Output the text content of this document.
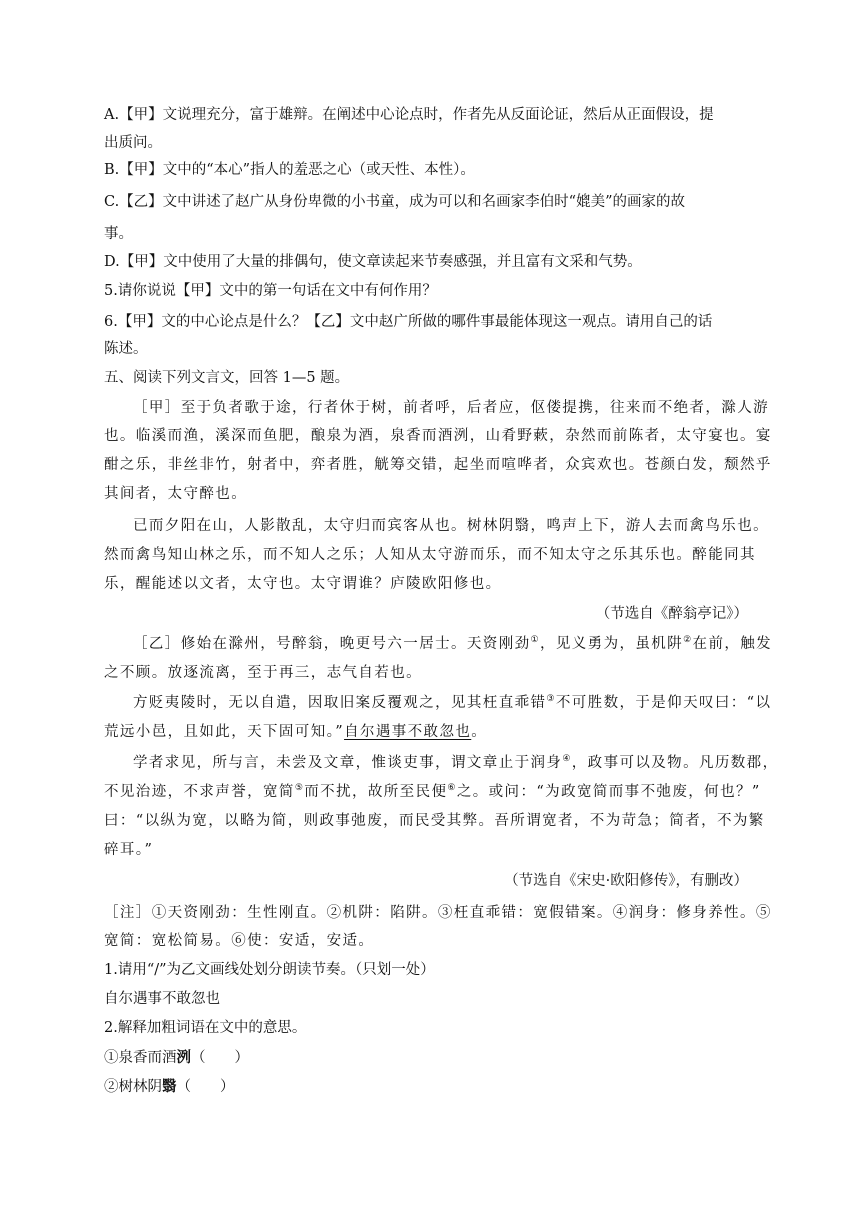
A.【甲】文说理充分，富于雄辩。在阐述中心论点时，作者先从反面论证，然后从正面假设，提
出质问。
B.【甲】文中的“本心”指人的羞恶之心（或天性、本性）。
C.【乙】文中讲述了赵广从身份卑微的小书童，成为可以和名画家李伯时“媲美”的画家的故
事。
D.【甲】文中使用了大量的排偶句，使文章读起来节奏感强，并且富有文采和气势。
5.请你说说【甲】文中的第一句话在文中有何作用？
6.【甲】文的中心论点是什么？【乙】文中赵广所做的哪件事最能体现这一观点。请用自己的话
陈述。
五、阅读下列文言文，回答 1—5 题。
［甲］至于负者歌于途，行者休于树，前者呼，后者应，伛偻提携，往来而不绝者，滁人游
也。临溪而渔，溪深而鱼肥，酿泉为酒，泉香而酒洌，山肴野蔌，杂然而前陈者，太守宴也。宴
酣之乐，非丝非竹，射者中，弈者胜，觥筹交错，起坐而喧哗者，众宾欢也。苍颜白发，颓然乎
其间者，太守醉也。
已而夕阳在山，人影散乱，太守归而宾客从也。树林阴翳，鸣声上下，游人去而禽鸟乐也。
然而禽鸟知山林之乐，而不知人之乐；人知从太守游而乐，而不知太守之乐其乐也。醉能同其
乐，醒能述以文者，太守也。太守谓谁？庐陵欧阳修也。
（节选自《醉翁亭记》）
［乙］修始在滁州，号醉翁，晚更号六一居士。天资刚劲①，见义勇为，虽机阱②在前，触发
之不顾。放逐流离，至于再三，志气自若也。
方贬夷陵时，无以自遣，因取旧案反覆观之，见其枉直乖错③不可胜数，于是仰天叹曰：“以
荒远小邑，且如此，天下固可知。”自尔遇事不敢忽也。
学者求见，所与言，未尝及文章，惟谈吏事，谓文章止于润身④，政事可以及物。凡历数郡，
不见治迹，不求声誉，宽简⑤而不扰，故所至民便⑥之。或问：“为政宽简而事不弛废，何也？”
曰：“以纵为宽，以略为简，则政事弛废，而民受其弊。吾所谓宽者，不为苛急；简者，不为繁
碎耳。”
（节选自《宋史·欧阳修传》，有删改）
［注］①天资刚劲：生性刚直。②机阱：陷阱。③枉直乖错：宽假错案。④润身：修身养性。⑤
宽简：宽松简易。⑥使：安适，安适。
1.请用“/”为乙文画线处划分朗读节奏。（只划一处）
自尔遇事不敢忽也
2.解释加粗词语在文中的意思。
①泉香而酒洌（　　）
②树林阴翳（　　）
